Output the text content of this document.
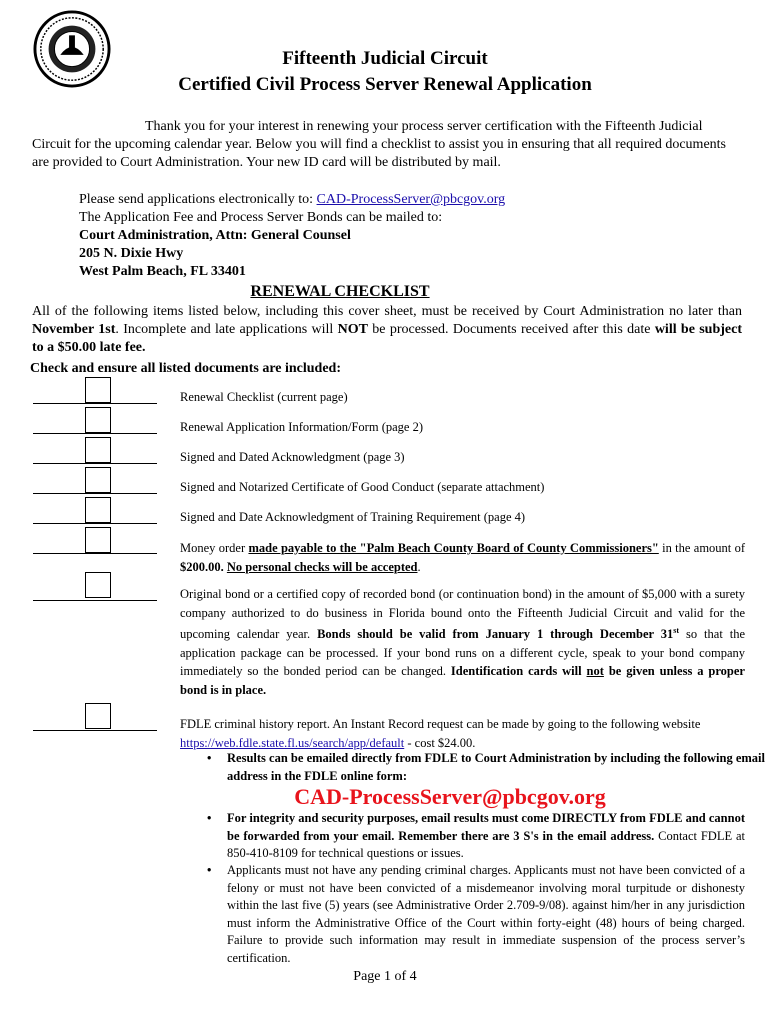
Fifteenth Judicial Circuit
Certified Civil Process Server Renewal Application
Thank you for your interest in renewing your process server certification with the Fifteenth Judicial Circuit for the upcoming calendar year. Below you will find a checklist to assist you in ensuring that all required documents are provided to Court Administration. Your new ID card will be distributed by mail.
Please send applications electronically to: CAD-ProcessServer@pbcgov.org
The Application Fee and Process Server Bonds can be mailed to:
Court Administration, Attn: General Counsel
205 N. Dixie Hwy
West Palm Beach, FL 33401
RENEWAL CHECKLIST
All of the following items listed below, including this cover sheet, must be received by Court Administration no later than November 1st. Incomplete and late applications will NOT be processed. Documents received after this date will be subject to a $50.00 late fee.
Check and ensure all listed documents are included:
Renewal Checklist (current page)
Renewal Application Information/Form (page 2)
Signed and Dated Acknowledgment (page 3)
Signed and Notarized Certificate of Good Conduct (separate attachment)
Signed and Date Acknowledgment of Training Requirement (page 4)
Money order made payable to the "Palm Beach County Board of County Commissioners" in the amount of $200.00. No personal checks will be accepted.
Original bond or a certified copy of recorded bond (or continuation bond) in the amount of $5,000 with a surety company authorized to do business in Florida bound onto the Fifteenth Judicial Circuit and valid for the upcoming calendar year. Bonds should be valid from January 1 through December 31st so that the application package can be processed. If your bond runs on a different cycle, speak to your bond company immediately so the bonded period can be changed. Identification cards will not be given unless a proper bond is in place.
FDLE criminal history report. An Instant Record request can be made by going to the following website https://web.fdle.state.fl.us/search/app/default - cost $24.00.
• Results can be emailed directly from FDLE to Court Administration by including the following email address in the FDLE online form:
CAD-ProcessServer@pbcgov.org
• For integrity and security purposes, email results must come DIRECTLY from FDLE and cannot be forwarded from your email. Remember there are 3 S's in the email address. Contact FDLE at 850-410-8109 for technical questions or issues.
• Applicants must not have any pending criminal charges. Applicants must not have been convicted of a felony or must not have been convicted of a misdemeanor involving moral turpitude or dishonesty within the last five (5) years (see Administrative Order 2.709-9/08). against him/her in any jurisdiction must inform the Administrative Office of the Court within forty-eight (48) hours of being charged. Failure to provide such information may result in immediate suspension of the process server’s certification.
Page 1 of 4
